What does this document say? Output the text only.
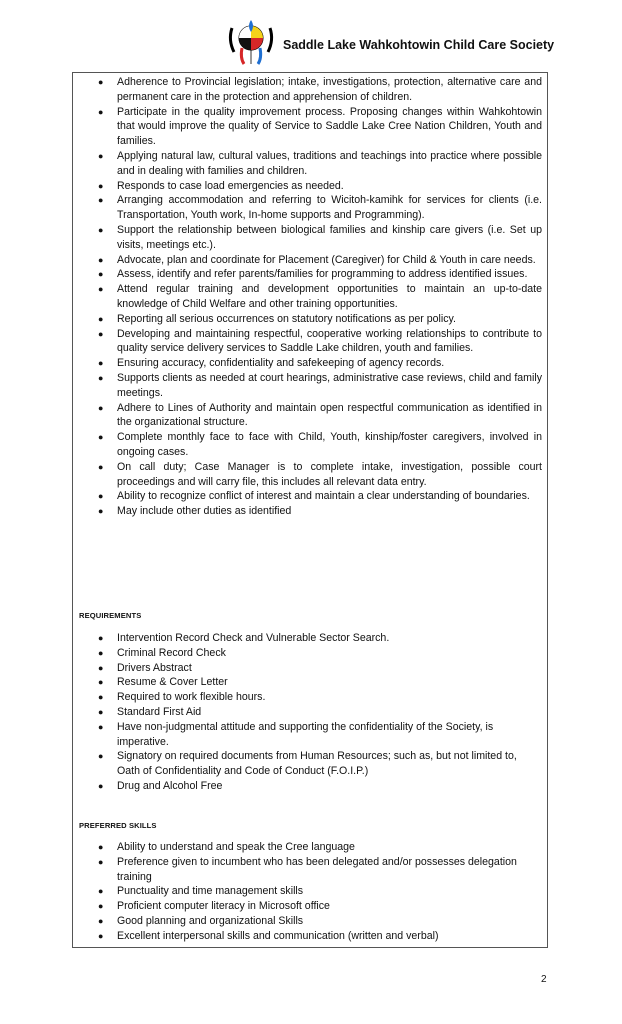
Saddle Lake Wahkohtowin Child Care Society
● Adherence to Provincial legislation; intake, investigations, protection, alternative care and permanent care in the protection and apprehension of children.
● Participate in the quality improvement process. Proposing changes within Wahkohtowin that would improve the quality of Service to Saddle Lake Cree Nation Children, Youth and families.
● Applying natural law, cultural values, traditions and teachings into practice where possible and in dealing with families and children.
● Responds to case load emergencies as needed.
● Arranging accommodation and referring to Wicitoh-kamihk for services for clients (i.e. Transportation, Youth work, In-home supports and Programming).
● Support the relationship between biological families and kinship care givers (i.e. Set up visits, meetings etc.).
● Advocate, plan and coordinate for Placement (Caregiver) for Child & Youth in care needs.
● Assess, identify and refer parents/families for programming to address identified issues.
● Attend regular training and development opportunities to maintain an up-to-date knowledge of Child Welfare and other training opportunities.
● Reporting all serious occurrences on statutory notifications as per policy.
● Developing and maintaining respectful, cooperative working relationships to contribute to quality service delivery services to Saddle Lake children, youth and families.
● Ensuring accuracy, confidentiality and safekeeping of agency records.
● Supports clients as needed at court hearings, administrative case reviews, child and family meetings.
● Adhere to Lines of Authority and maintain open respectful communication as identified in the organizational structure.
● Complete monthly face to face with Child, Youth, kinship/foster caregivers, involved in ongoing cases.
● On call duty; Case Manager is to complete intake, investigation, possible court proceedings and will carry file, this includes all relevant data entry.
● Ability to recognize conflict of interest and maintain a clear understanding of boundaries.
● May include other duties as identified
REQUIREMENTS
● Intervention Record Check and Vulnerable Sector Search.
● Criminal Record Check
● Drivers Abstract
● Resume & Cover Letter
● Required to work flexible hours.
● Standard First Aid
● Have non-judgmental attitude and supporting the confidentiality of the Society, is imperative.
● Signatory on required documents from Human Resources; such as, but not limited to, Oath of Confidentiality and Code of Conduct (F.O.I.P.)
● Drug and Alcohol Free
PREFERRED SKILLS
● Ability to understand and speak the Cree language
● Preference given to incumbent who has been delegated and/or possesses delegation training
● Punctuality and time management skills
● Proficient computer literacy in Microsoft office
● Good planning and organizational Skills
● Excellent interpersonal skills and communication (written and verbal)
2
